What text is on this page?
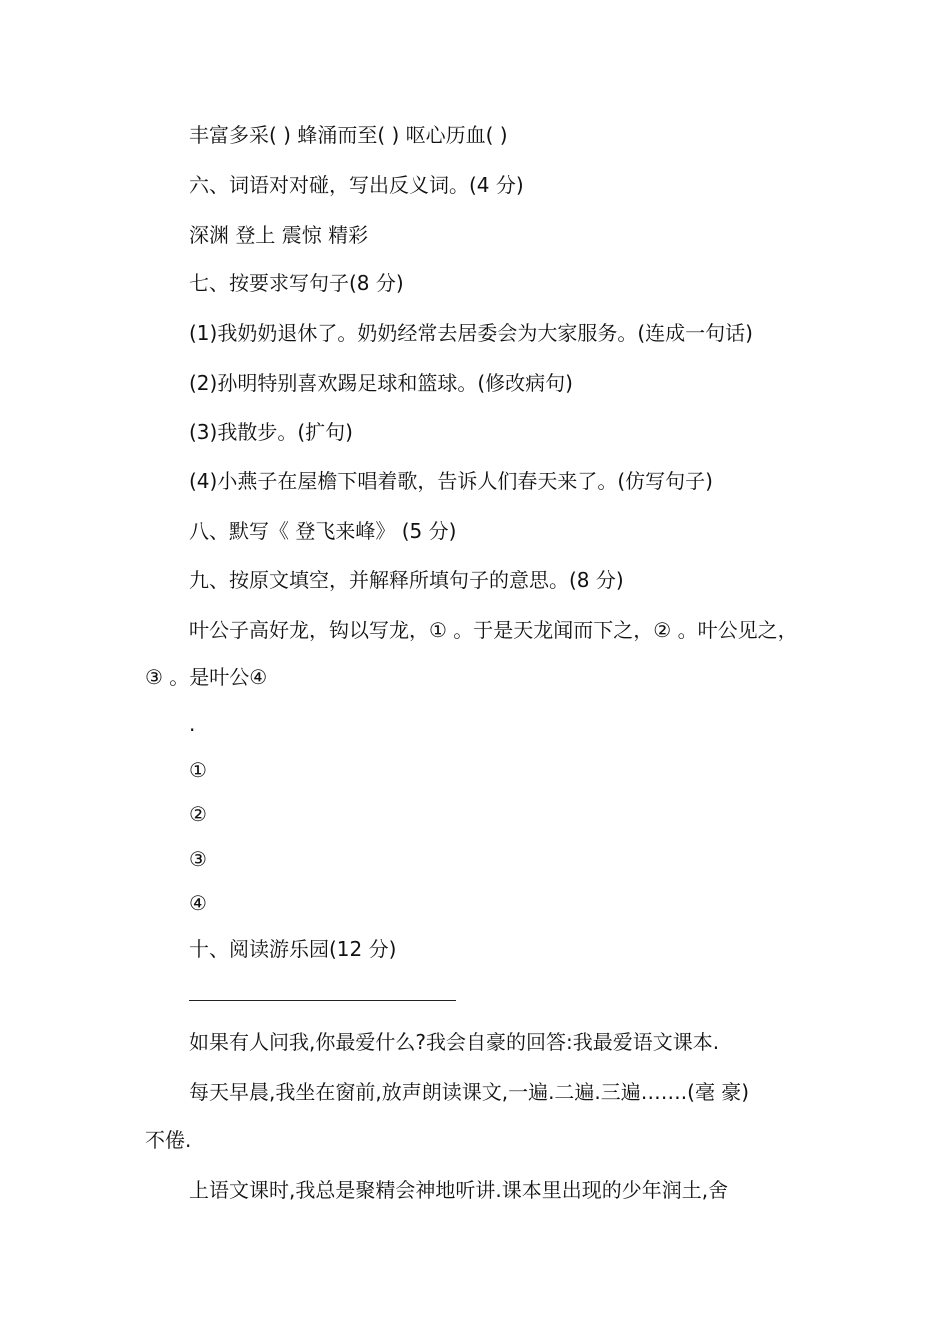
丰富多采( ) 蜂涌而至( ) 呕心历血( )
六、词语对对碰，写出反义词。(4 分)
深渊 登上 震惊 精彩
七、按要求写句子(8 分)
(1)我奶奶退休了。奶奶经常去居委会为大家服务。(连成一句话)
(2)孙明特别喜欢踢足球和篮球。(修改病句)
(3)我散步。(扩句)
(4)小燕子在屋檐下唱着歌，告诉人们春天来了。(仿写句子)
八、默写《 登飞来峰》 (5 分)
九、按原文填空，并解释所填句子的意思。(8 分)
叶公子高好龙，钩以写龙，① 。于是天龙闻而下之，② 。叶公见之，
③ 。是叶公④
.
①
②
③
④
十、阅读游乐园(12 分)
如果有人问我,你最爱什么?我会自豪的回答:我最爱语文课本.
每天早晨,我坐在窗前,放声朗读课文,一遍.二遍.三遍…….(毫 豪)
不倦.
上语文课时,我总是聚精会神地听讲.课本里出现的少年润土,舍
